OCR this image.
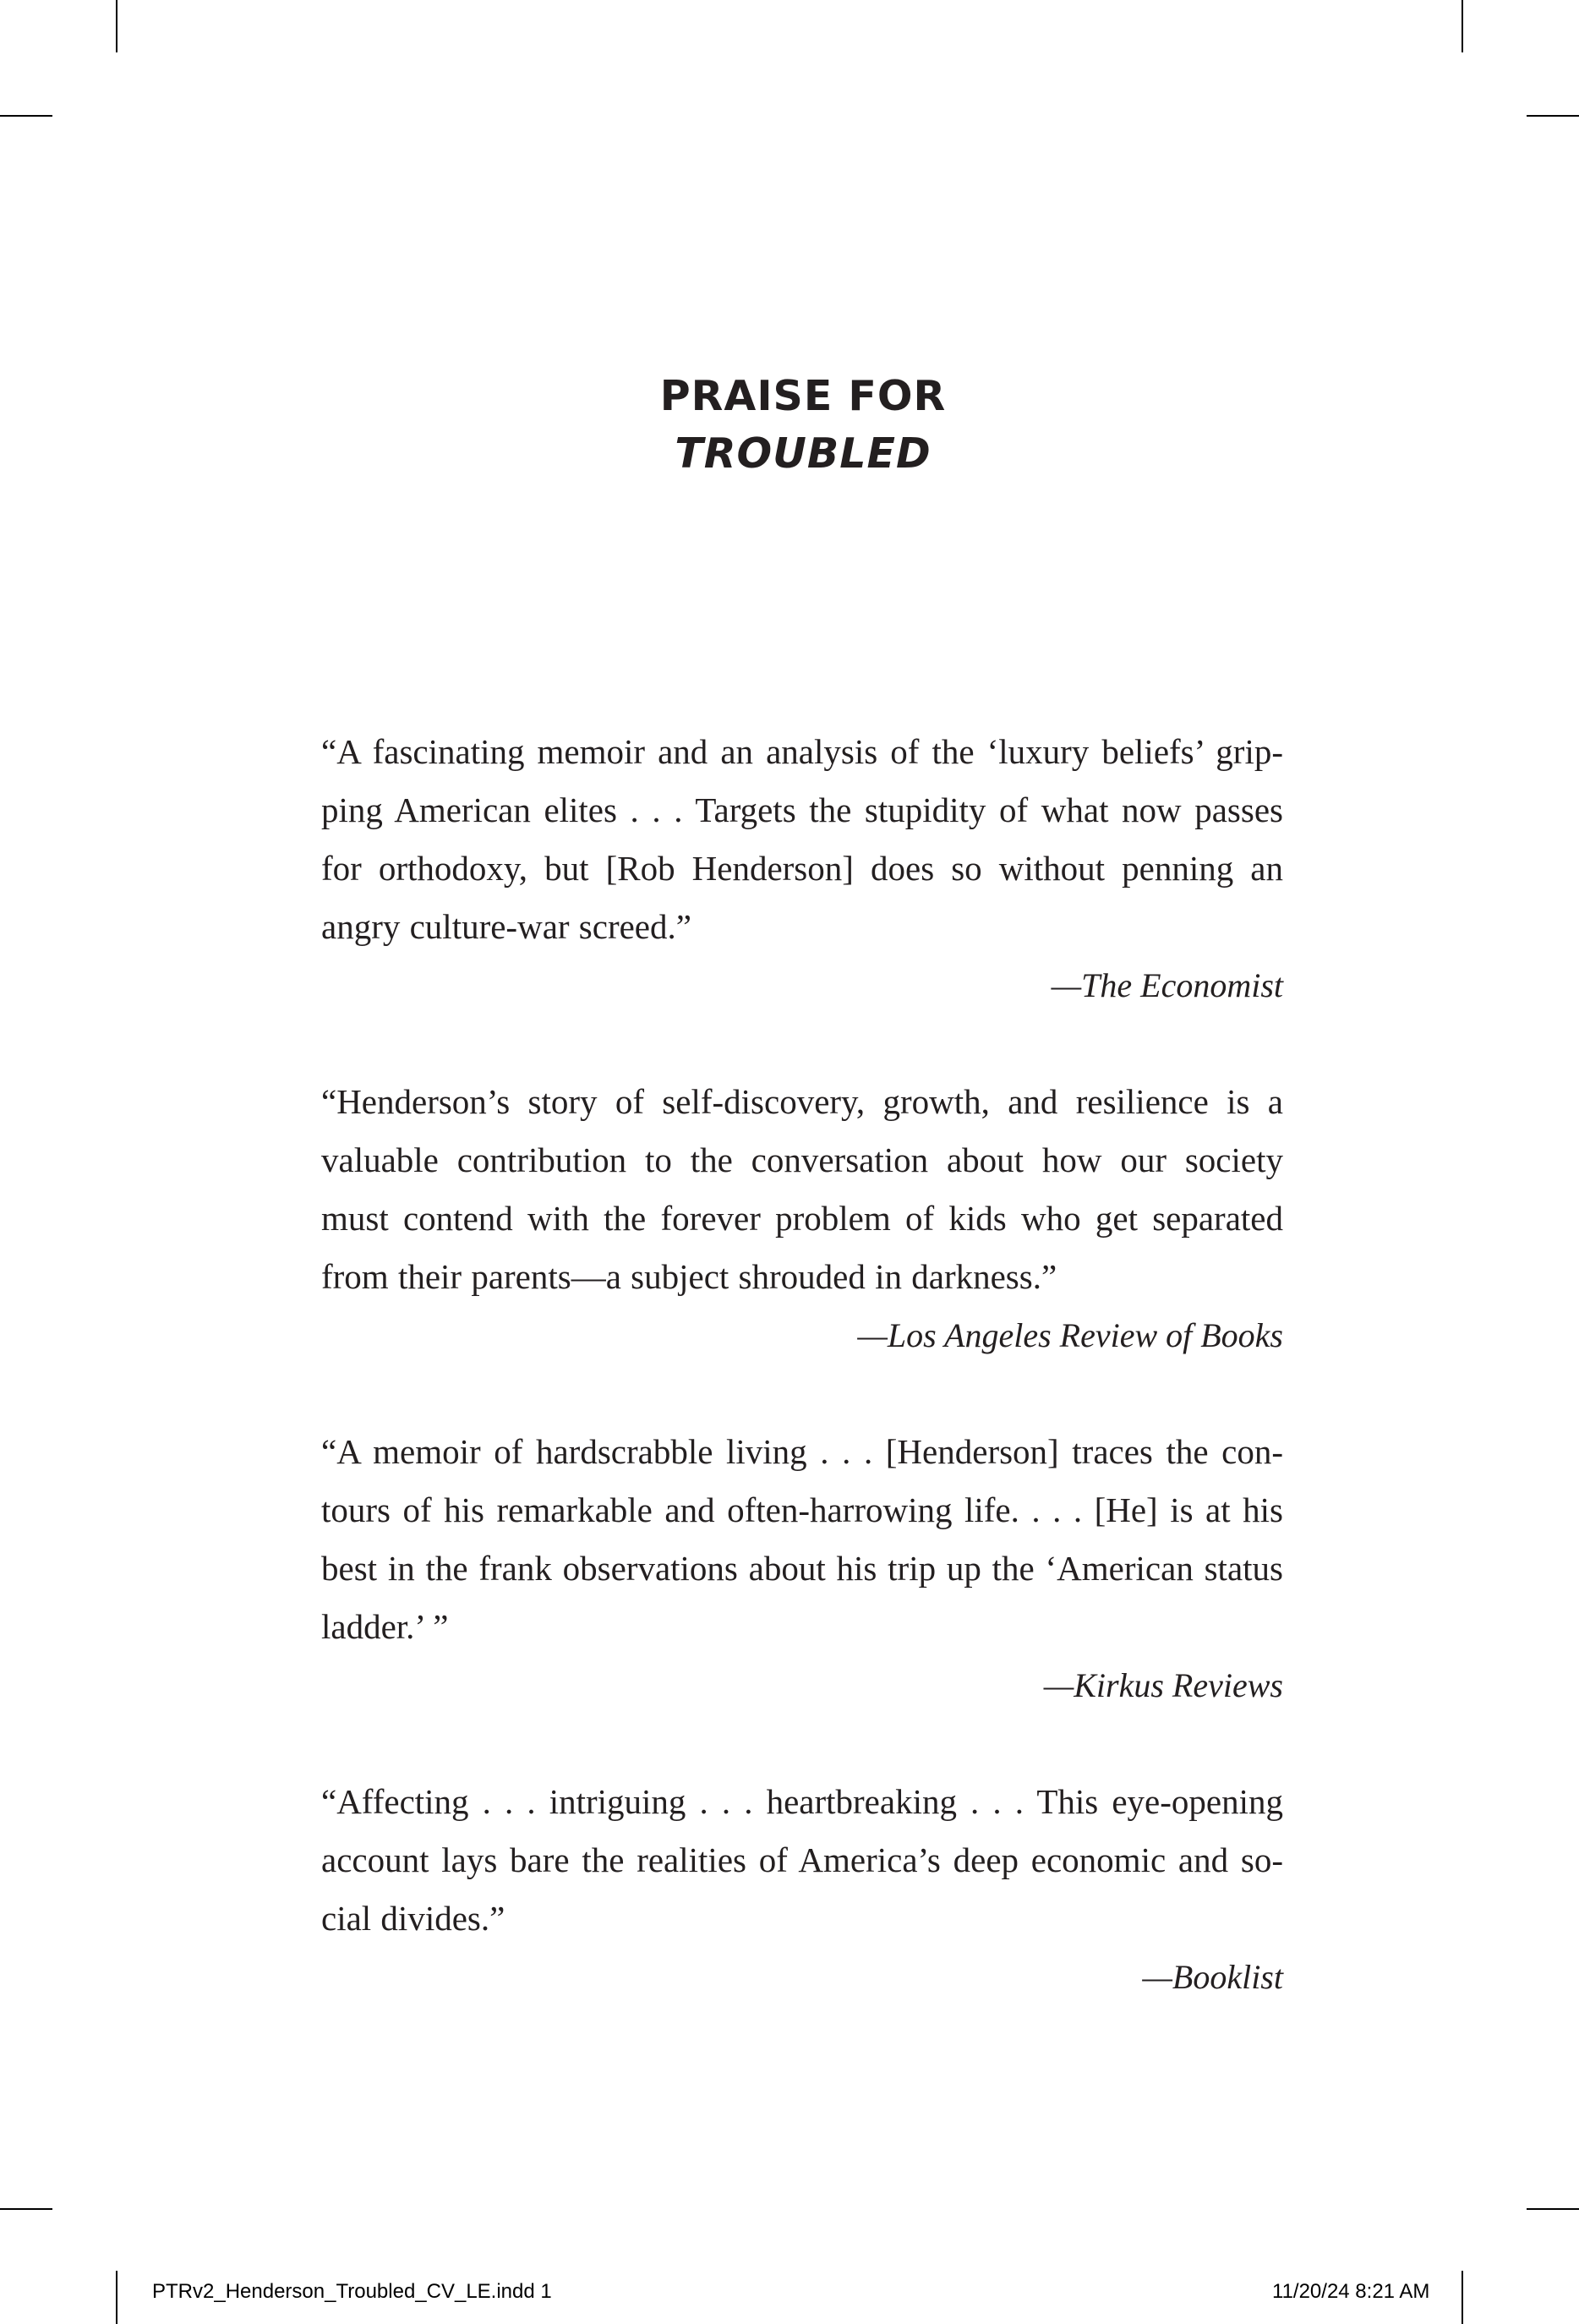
PRAISE FOR
TROUBLED

“A fascinating memoir and an analysis of the ‘luxury beliefs’ grip- ping American elites . . . Targets the stupidity of what now passes for orthodoxy, but [Rob Henderson] does so without penning an angry culture-war screed.”

—The Economist

“Henderson’s story of self-discovery, growth, and resilience is a valuable contribution to the conversation about how our society must contend with the forever problem of kids who get separated from their parents—a subject shrouded in darkness.”

—Los Angeles Review of Books

“A memoir of hardscrabble living . . . [Henderson] traces the con- tours of his remarkable and often-harrowing life. . . . [He] is at his best in the frank observations about his trip up the ‘American status ladder.’ ”

—Kirkus Reviews

“Affecting . . . intriguing . . . heartbreaking . . . This eye-opening account lays bare the realities of America’s deep economic and so- cial divides.”

—Booklist

PTRv2_Henderson_Troubled_CV_LE.indd 1	11/20/24 8:21 AM
